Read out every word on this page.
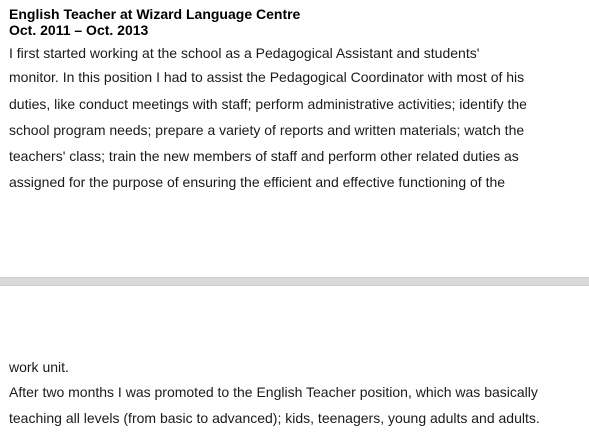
English Teacher at Wizard Language Centre
Oct. 2011 – Oct. 2013
I first started working at the school as a Pedagogical Assistant and students'
monitor. In this position I had to assist the Pedagogical Coordinator with most of his
duties, like conduct meetings with staff; perform administrative activities; identify the
school program needs; prepare a variety of reports and written materials; watch the
teachers' class; train the new members of staff and perform other related duties as
assigned for the purpose of ensuring the efficient and effective functioning of the
work unit.
After two months I was promoted to the English Teacher position, which was basically
teaching all levels (from basic to advanced); kids, teenagers, young adults and adults.
